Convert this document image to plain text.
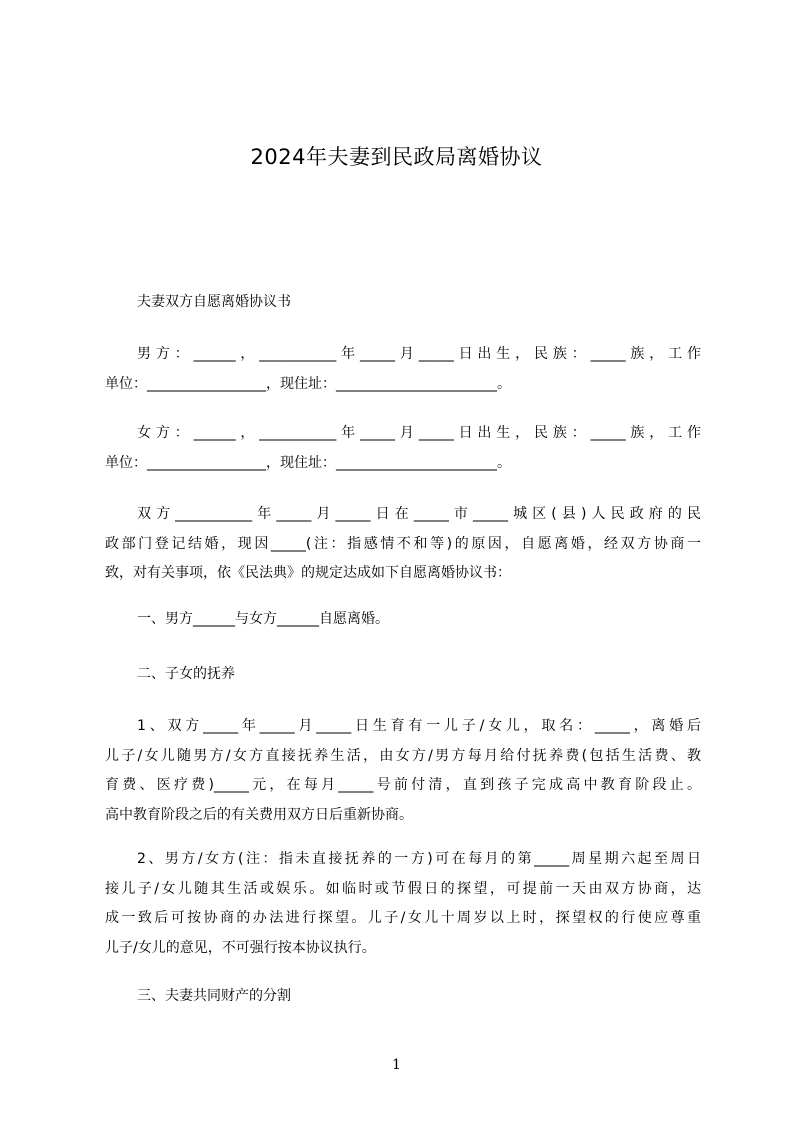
2024年夫妻到民政局离婚协议
夫妻双方自愿离婚协议书
男方：______，___________年_____月_____日出生，民族：_____族，工作
单位：_________________，现住址：_______________________。
女方：______，___________年_____月_____日出生，民族：_____族，工作
单位：_________________，现住址：_______________________。
双方___________年_____月_____日在_____市_____城区(县)人民政府的民
政部门登记结婚，现因_____(注：指感情不和等)的原因，自愿离婚，经双方协商一
致，对有关事项，依《民法典》的规定达成如下自愿离婚协议书：
一、男方______与女方______自愿离婚。
二、子女的抚养
1、双方_____年_____月_____日生育有一儿子/女儿，取名：_____，离婚后
儿子/女儿随男方/女方直接抚养生活，由女方/男方每月给付抚养费(包括生活费、教
育费、医疗费)_____元，在每月_____号前付清，直到孩子完成高中教育阶段止。
高中教育阶段之后的有关费用双方日后重新协商。
2、男方/女方(注：指未直接抚养的一方)可在每月的第_____周星期六起至周日
接儿子/女儿随其生活或娱乐。如临时或节假日的探望，可提前一天由双方协商，达
成一致后可按协商的办法进行探望。儿子/女儿十周岁以上时，探望权的行使应尊重
儿子/女儿的意见，不可强行按本协议执行。
三、夫妻共同财产的分割
1
